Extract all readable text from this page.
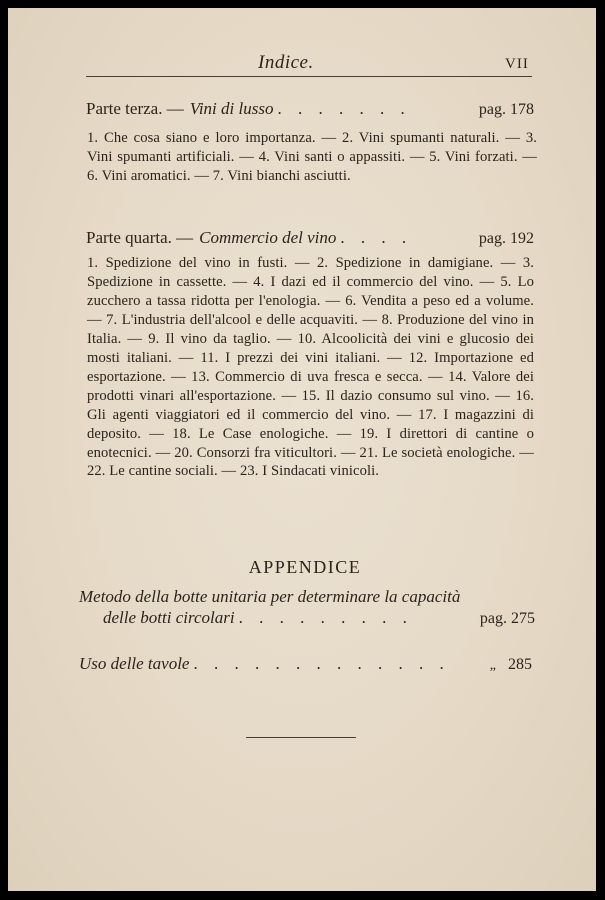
Indice.	VII
Parte terza. — Vini di lusso . . . . . . .	pag. 178
1. Che cosa siano e loro importanza. — 2. Vini spumanti naturali. — 3. Vini spumanti artificiali. — 4. Vini santi o appassiti. — 5. Vini forzati. — 6. Vini aromatici. — 7. Vini bianchi asciutti.
Parte quarta. — Commercio del vino . . . .	pag. 192
1. Spedizione del vino in fusti. — 2. Spedizione in damigiane. — 3. Spedizione in cassette. — 4. I dazi ed il commercio del vino. — 5. Lo zucchero a tassa ridotta per l'enologia. — 6. Vendita a peso ed a volume. — 7. L'industria dell'alcool e delle acquaviti. — 8. Produzione del vino in Italia. — 9. Il vino da taglio. — 10. Alcoolicità dei vini e glucosio dei mosti italiani. — 11. I prezzi dei vini italiani. — 12. Importazione ed esportazione. — 13. Commercio di uva fresca e secca. — 14. Valore dei prodotti vinari all'esportazione. — 15. Il dazio consumo sul vino. — 16. Gli agenti viaggiatori ed il commercio del vino. — 17. I magazzini di deposito. — 18. Le Case enologiche. — 19. I direttori di cantine o enotecnici. — 20. Consorzi fra viticultori. — 21. Le società enologiche. — 22. Le cantine sociali. — 23. I Sindacati vinicoli.
APPENDICE
Metodo della botte unitaria per determinare la capacità
delle botti circolari . . . . . . . . .	pag. 275
Uso delle tavole . . . . . . . . . . . . .	„ 285
